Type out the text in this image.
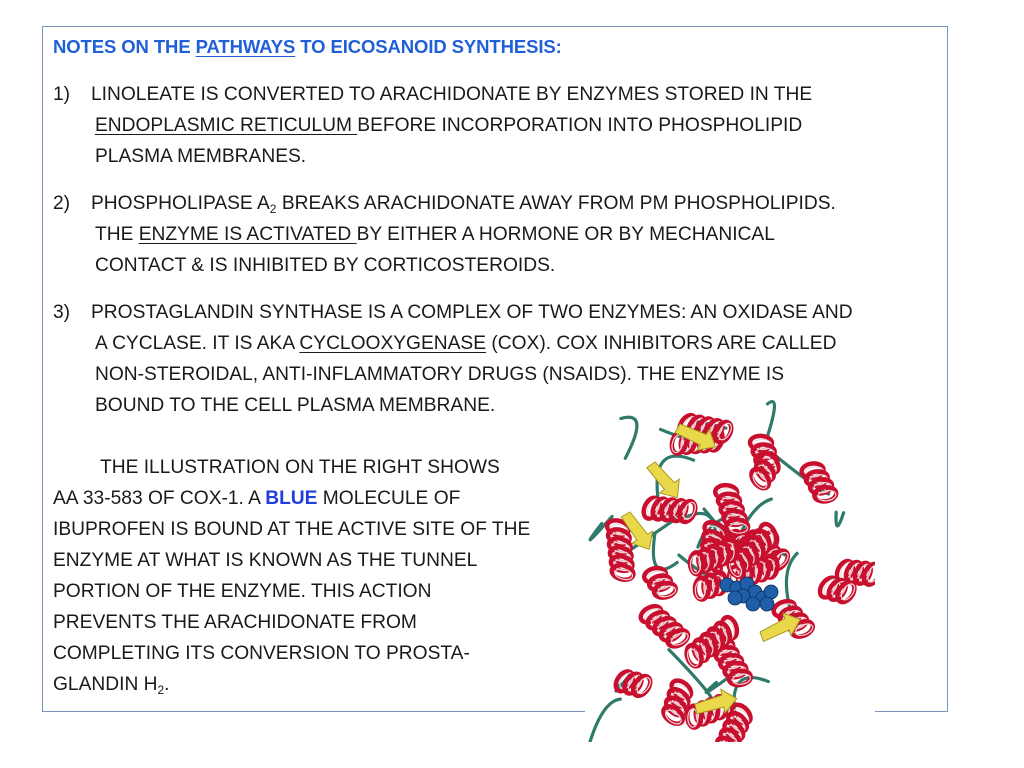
NOTES ON THE PATHWAYS TO EICOSANOID SYNTHESIS:
1) LINOLEATE IS CONVERTED TO ARACHIDONATE BY ENZYMES STORED IN THE
ENDOPLASMIC RETICULUM BEFORE INCORPORATION INTO PHOSPHOLIPID
PLASMA MEMBRANES.
2) PHOSPHOLIPASE $A_2$ BREAKS ARACHIDONATE AWAY FROM PM PHOSPHOLIPIDS.
THE ENZYME IS ACTIVATED BY EITHER A HORMONE OR BY MECHANICAL
CONTACT & IS INHIBITED BY CORTICOSTEROIDS.
3) PROSTAGLANDIN SYNTHASE IS A COMPLEX OF TWO ENZYMES: AN OXIDASE AND
A CYCLASE. IT IS AKA CYCLOOXYGENASE (COX). COX INHIBITORS ARE CALLED
NON-STEROIDAL, ANTI-INFLAMMATORY DRUGS (NSAIDS). THE ENZYME IS
BOUND TO THE CELL PLASMA MEMBRANE.
THE ILLUSTRATION ON THE RIGHT SHOWS
AA 33-583 OF COX-1. A BLUE MOLECULE OF
IBUPROFEN IS BOUND AT THE ACTIVE SITE OF THE
ENZYME AT WHAT IS KNOWN AS THE TUNNEL
PORTION OF THE ENZYME. THIS ACTION
PREVENTS THE ARACHIDONATE FROM
COMPLETING ITS CONVERSION TO PROSTA-
GLANDIN $H_2$.
